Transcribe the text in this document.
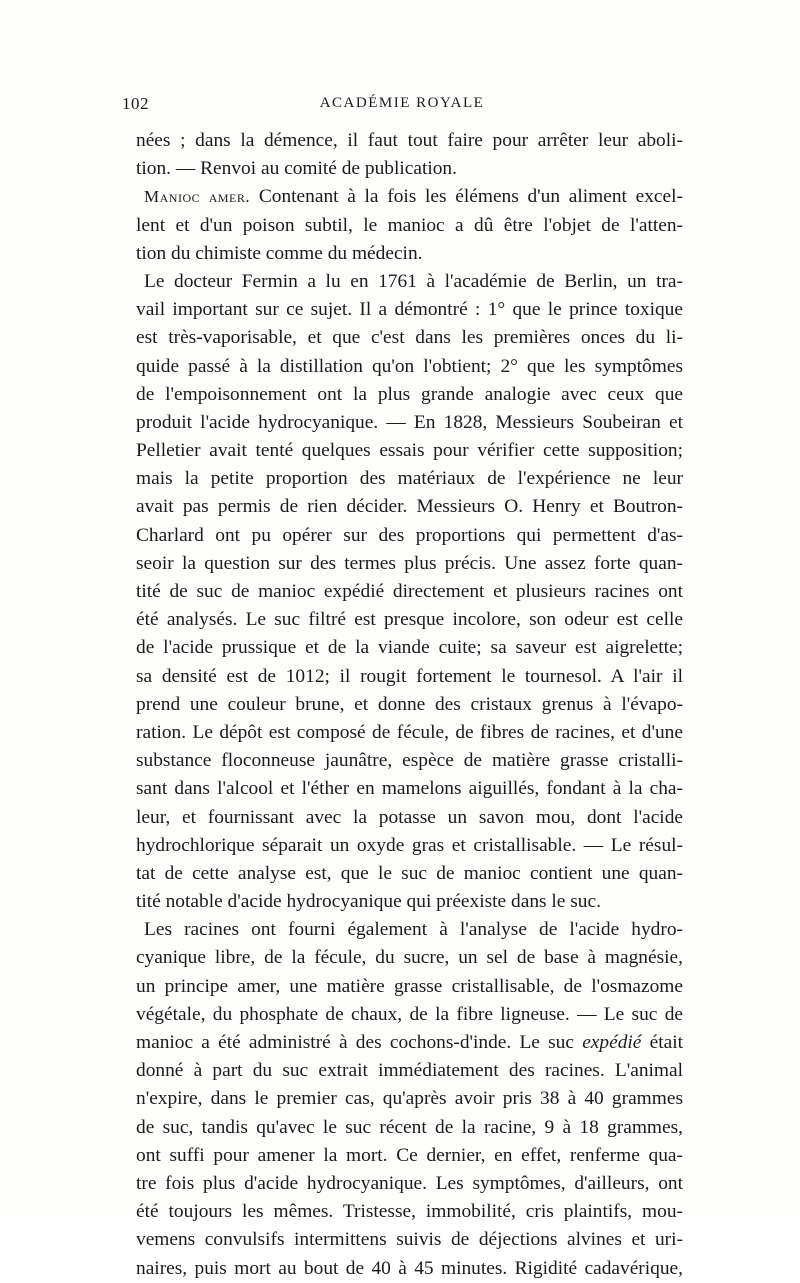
102	ACADÉMIE ROYALE
nées ; dans la démence, il faut tout faire pour arrêter leur aboli-
tion. — Renvoi au comité de publication.
Manioc amer. Contenant à la fois les élémens d'un aliment excel-
lent et d'un poison subtil, le manioc a dû être l'objet de l'atten-
tion du chimiste comme du médecin.
Le docteur Fermin a lu en 1761 à l'académie de Berlin, un tra-
vail important sur ce sujet. Il a démontré : 1° que le prince toxique
est très-vaporisable, et que c'est dans les premières onces du li-
quide passé à la distillation qu'on l'obtient; 2° que les symptômes
de l'empoisonnement ont la plus grande analogie avec ceux que
produit l'acide hydrocyanique. — En 1828, Messieurs Soubeiran et
Pelletier avait tenté quelques essais pour vérifier cette supposition;
mais la petite proportion des matériaux de l'expérience ne leur
avait pas permis de rien décider. Messieurs O. Henry et Boutron-
Charlard ont pu opérer sur des proportions qui permettent d'as-
seoir la question sur des termes plus précis. Une assez forte quan-
tité de suc de manioc expédié directement et plusieurs racines ont
été analysés. Le suc filtré est presque incolore, son odeur est celle
de l'acide prussique et de la viande cuite; sa saveur est aigrelette;
sa densité est de 1012; il rougit fortement le tournesol. A l'air il
prend une couleur brune, et donne des cristaux grenus à l'évapo-
ration. Le dépôt est composé de fécule, de fibres de racines, et d'une
substance floconneuse jaunâtre, espèce de matière grasse cristalli-
sant dans l'alcool et l'éther en mamelons aiguillés, fondant à la cha-
leur, et fournissant avec la potasse un savon mou, dont l'acide
hydrochlorique séparait un oxyde gras et cristallisable. — Le résul-
tat de cette analyse est, que le suc de manioc contient une quan-
tité notable d'acide hydrocyanique qui préexiste dans le suc.
Les racines ont fourni également à l'analyse de l'acide hydro-
cyanique libre, de la fécule, du sucre, un sel de base à magnésie,
un principe amer, une matière grasse cristallisable, de l'osmazome
végétale, du phosphate de chaux, de la fibre ligneuse. — Le suc de
manioc a été administré à des cochons-d'inde. Le suc expédié était
donné à part du suc extrait immédiatement des racines. L'animal
n'expire, dans le premier cas, qu'après avoir pris 38 à 40 grammes
de suc, tandis qu'avec le suc récent de la racine, 9 à 18 grammes,
ont suffi pour amener la mort. Ce dernier, en effet, renferme qua-
tre fois plus d'acide hydrocyanique. Les symptômes, d'ailleurs, ont
été toujours les mêmes. Tristesse, immobilité, cris plaintifs, mou-
vemens convulsifs intermittens suivis de déjections alvines et uri-
naires, puis mort au bout de 40 à 45 minutes. Rigidité cadavérique,
